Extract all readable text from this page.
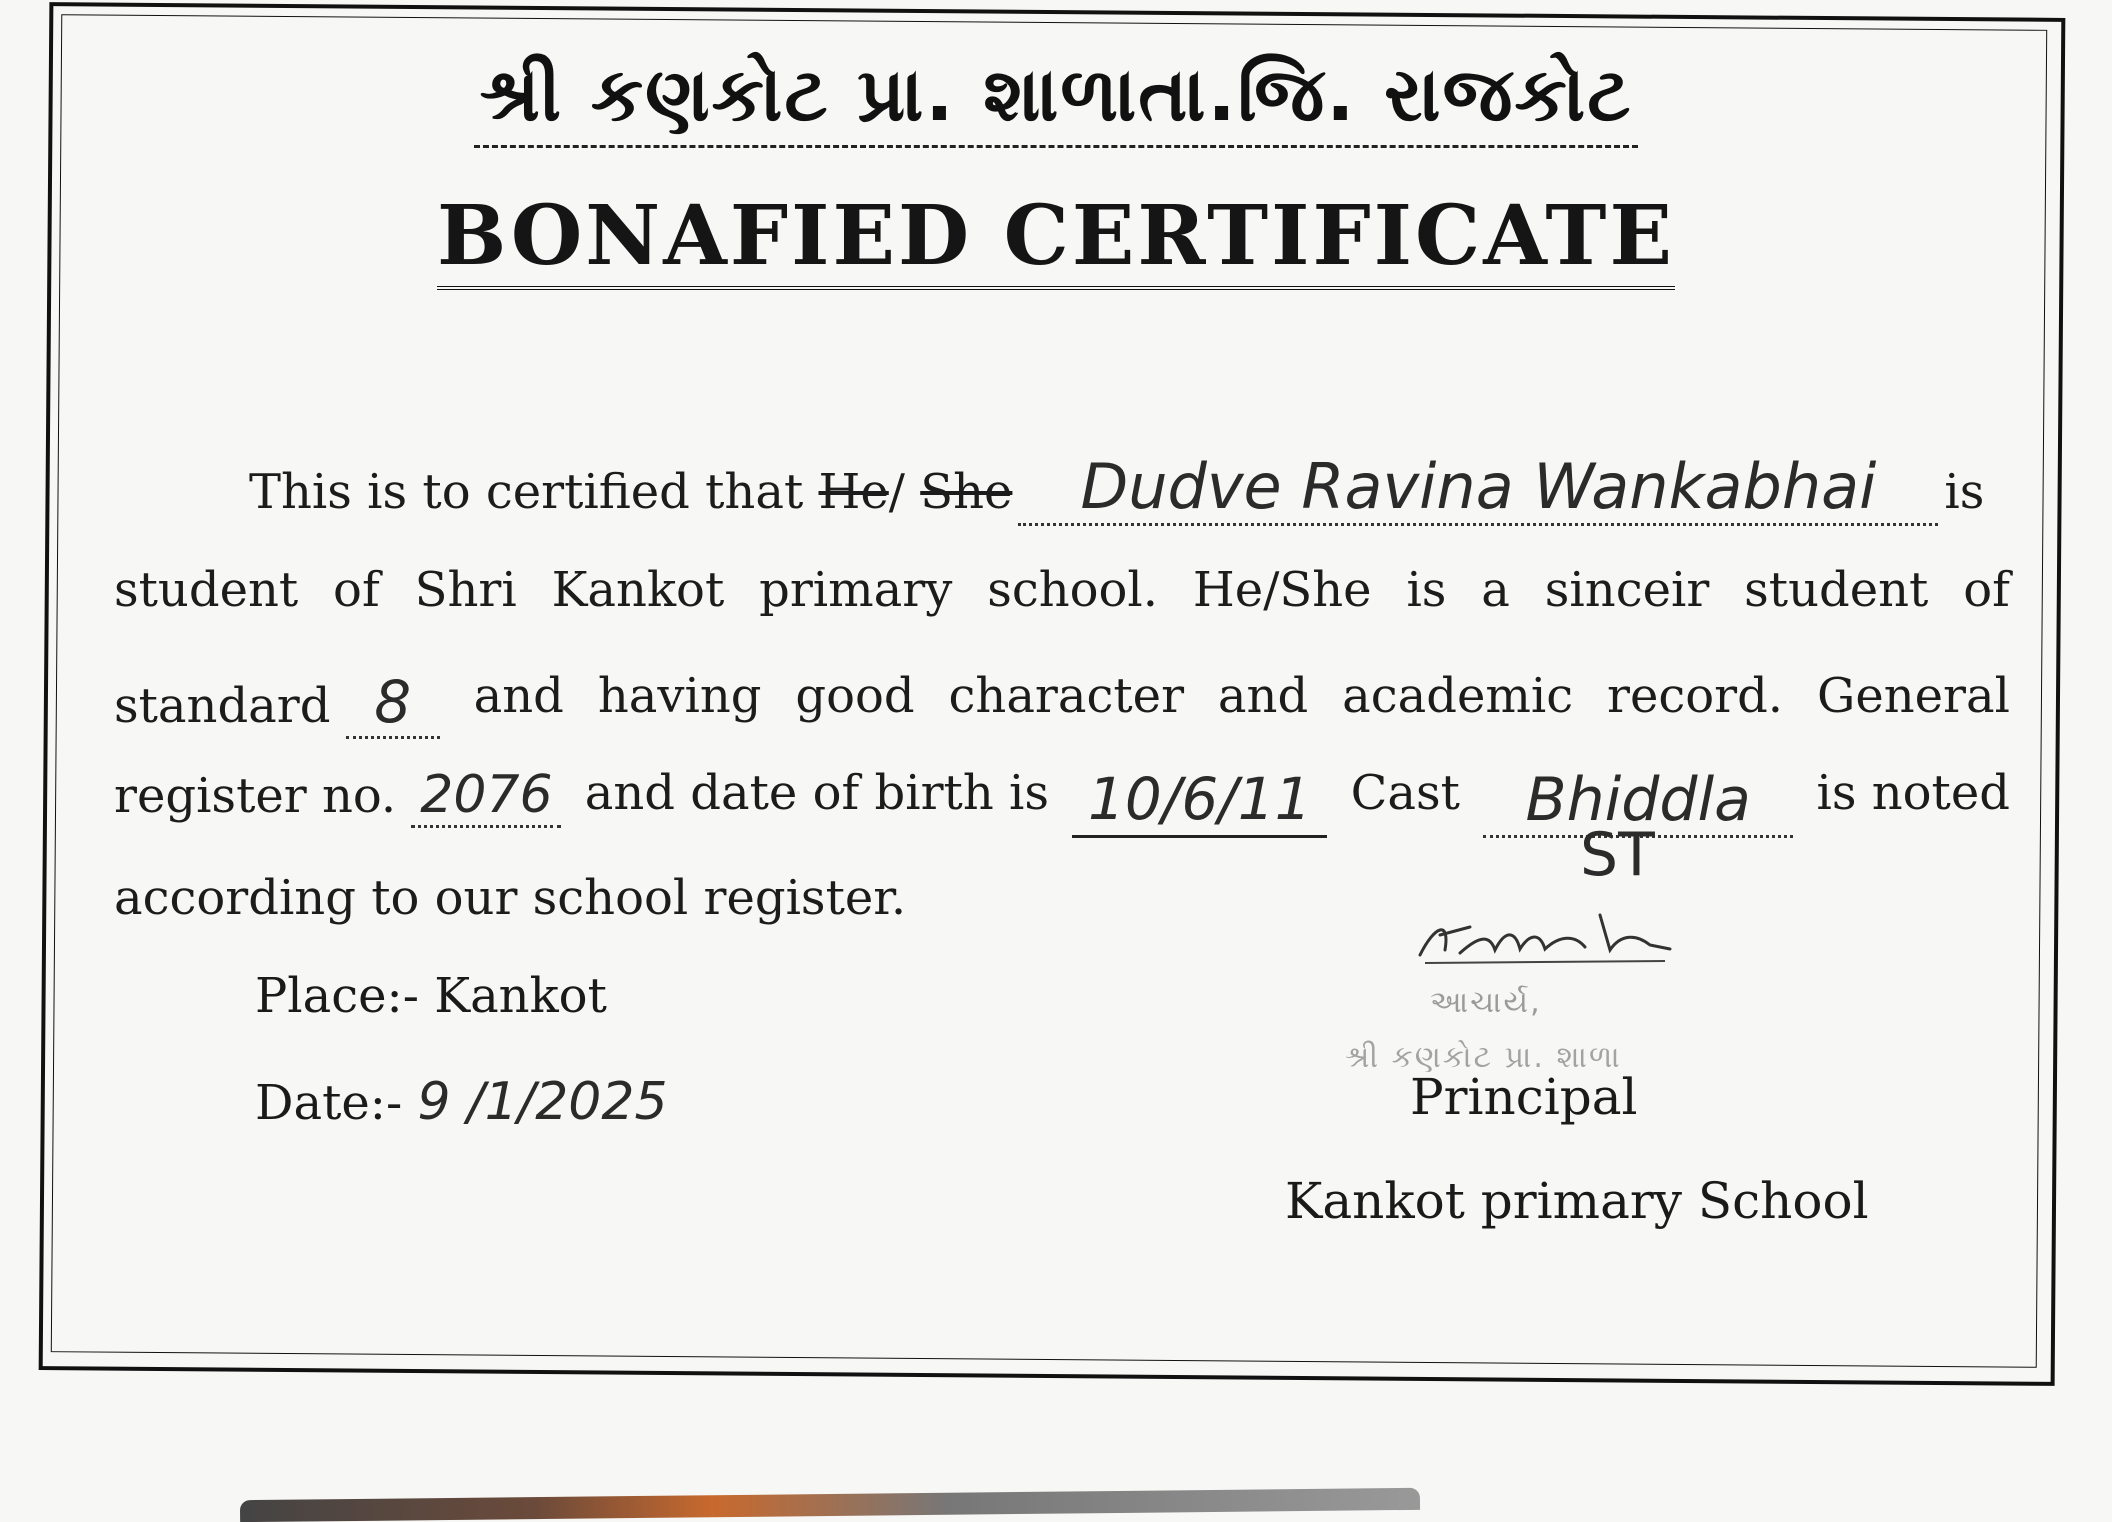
શ્રી કણકોટ પ્રા. શાળાતા.જિ. રાજકોટ
BONAFIED CERTIFICATE
This is to certified that He/ She Dudve Ravina Wankabhai is
student of Shri Kankot primary school. He/She is a sinceir student of
standard 8	and having good character and academic record. General
register no. 2076 and date of birth is 10/6/11 Cast	Bhiddla	is noted
ST
according to our school register.
Place:- Kankot
Date:- 9 /1/2025
આચાર્ય,
શ્રી કણકોટ પ્રા. શાળા
Principal
Kankot primary School
